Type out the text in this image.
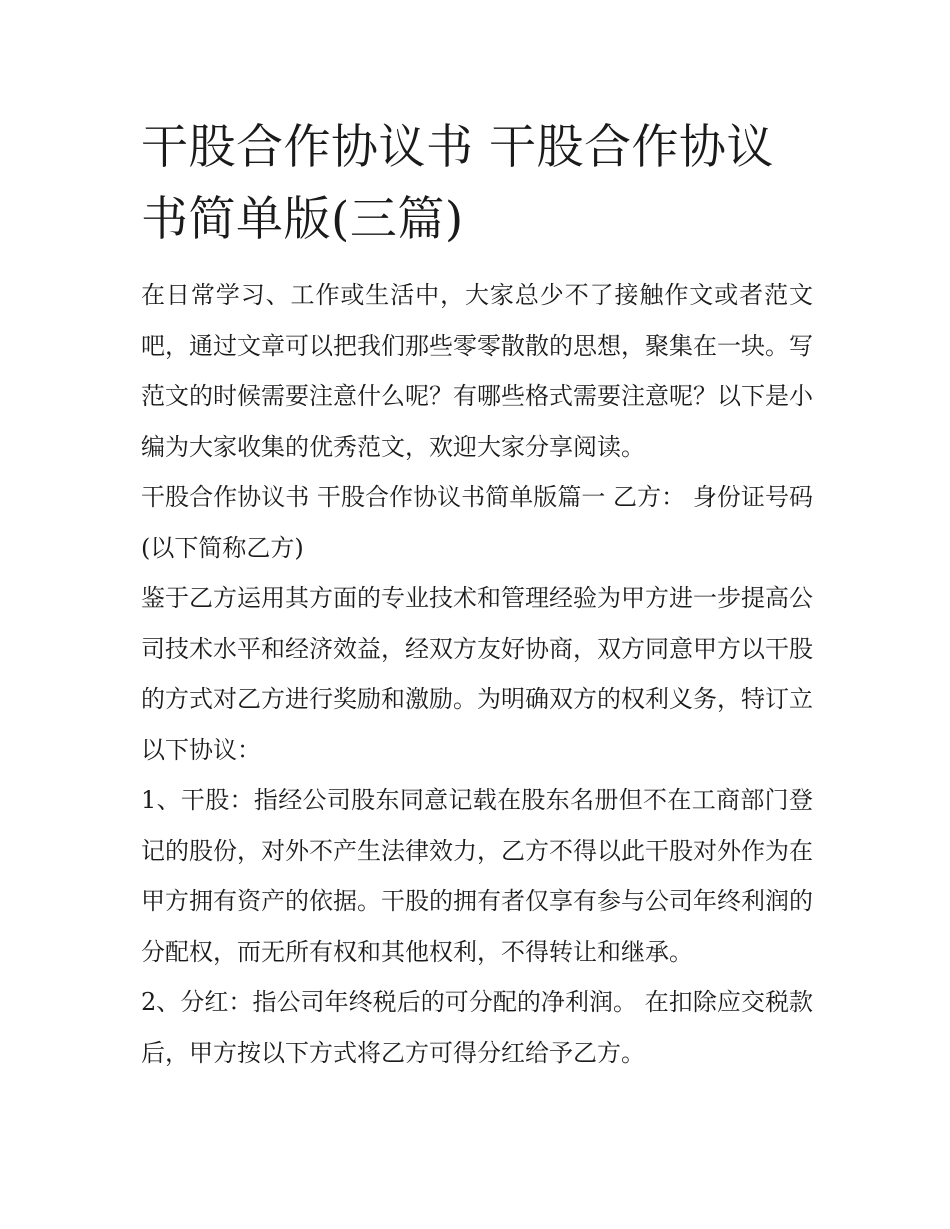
干股合作协议书 干股合作协议书简单版(三篇)

在日常学习、工作或生活中，大家总少不了接触作文或者范文吧，通过文章可以把我们那些零零散散的思想，聚集在一块。写范文的时候需要注意什么呢？有哪些格式需要注意呢？以下是小编为大家收集的优秀范文，欢迎大家分享阅读。

干股合作协议书 干股合作协议书简单版篇一 乙方： 身份证号码 (以下简称乙方)

鉴于乙方运用其方面的专业技术和管理经验为甲方进一步提高公司技术水平和经济效益，经双方友好协商，双方同意甲方以干股的方式对乙方进行奖励和激励。为明确双方的权利义务，特订立以下协议：

1、干股：指经公司股东同意记载在股东名册但不在工商部门登记的股份，对外不产生法律效力，乙方不得以此干股对外作为在甲方拥有资产的依据。干股的拥有者仅享有参与公司年终利润的分配权，而无所有权和其他权利，不得转让和继承。

2、分红：指公司年终税后的可分配的净利润。 在扣除应交税款后，甲方按以下方式将乙方可得分红给予乙方。
